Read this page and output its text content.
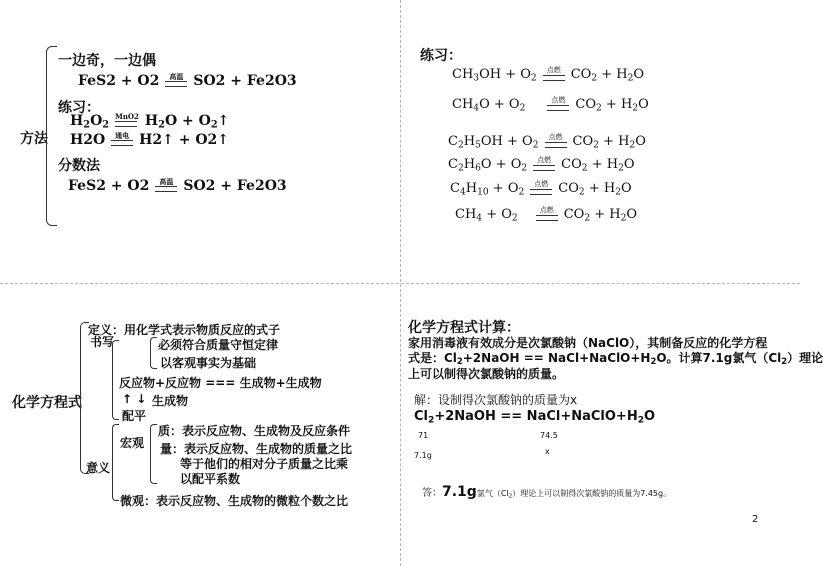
方法
一边奇，一边偶
FeS2 + O2 高温 SO2 + Fe2O3
练习：
$H_2O_2MnO2$ $H_2O$ + $O_2↑$
H2O 通电 H2↑ + O2↑
分数法
FeS2 + O2 高温 SO2 + Fe2O3
练习：
$CH_3OH + O_2$点燃 $CO_2 + H_2O$
$CH_4O + O_2$点燃 $CO_2 + H_2O$
$C_2H_5OH + O_2$点燃 $CO_2 + H_2O$
$C_2H_6O + O_2$点燃 $CO_2 + H_2O$
$C_4H_{10} + O_2$点燃 $CO_2 + H_2O$
$CH_4 + O_2$点燃 $CO_2 + H_2O$
化学方程式
定义：用化学式表示物质反应的式子
书写	必须符合质量守恒定律
以客观事实为基础
反应物+反应物 === 生成物+生成物
↑ ↓ 生成物
配平
意义
宏观
质：表示反应物、生成物及反应条件
量：表示反应物、生成物的质量之比
等于他们的相对分子质量之比乘
以配平系数
微观：表示反应物、生成物的微粒个数之比
化学方程式计算：
家用消毒液有效成分是次氯酸钠（NaClO），其制备反应的化学方程
式是：$Cl_2+2NaOH$ == $NaCl+NaClO+H_2O$。计算7.1g氯气$(Cl_2)$理论
上可以制得次氯酸钠的质量。
解：设制得次氯酸钠的质量为x
$Cl_2+2NaOH$ == $NaCl+NaClO+H_2O$
71	74.5
7.1g	x
答：7.1g氯气$(Cl_2)$理论上可以制得次氯酸钠的质量为7.45g。
2
